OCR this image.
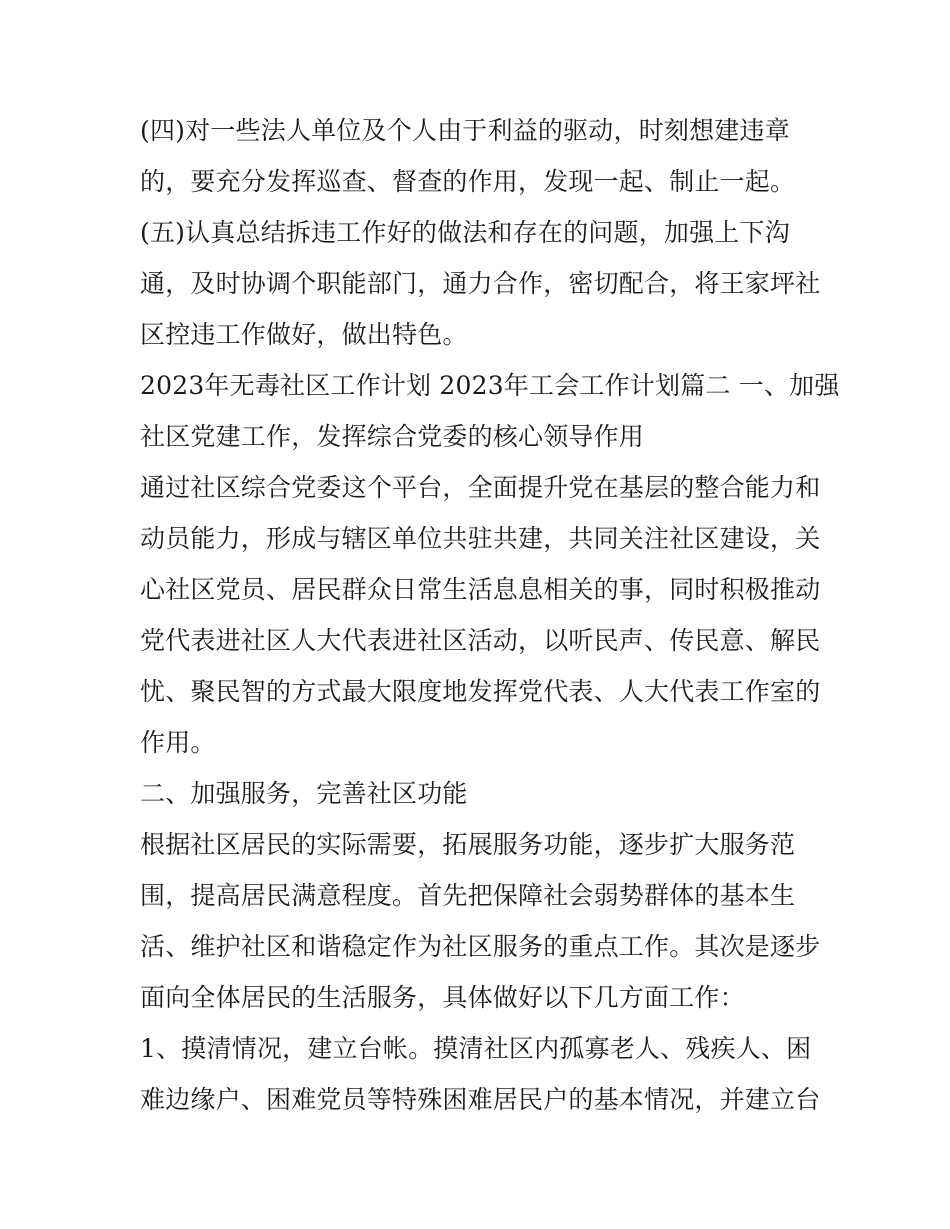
(四)对一些法人单位及个人由于利益的驱动，时刻想建违章
的，要充分发挥巡查、督查的作用，发现一起、制止一起。
(五)认真总结拆违工作好的做法和存在的问题，加强上下沟
通，及时协调个职能部门，通力合作，密切配合，将王家坪社
区控违工作做好，做出特色。
2023年无毒社区工作计划 2023年工会工作计划篇二 一、加强
社区党建工作，发挥综合党委的核心领导作用
通过社区综合党委这个平台，全面提升党在基层的整合能力和
动员能力，形成与辖区单位共驻共建，共同关注社区建设，关
心社区党员、居民群众日常生活息息相关的事，同时积极推动
党代表进社区人大代表进社区活动，以听民声、传民意、解民
忧、聚民智的方式最大限度地发挥党代表、人大代表工作室的
作用。
二、加强服务，完善社区功能
根据社区居民的实际需要，拓展服务功能，逐步扩大服务范
围，提高居民满意程度。首先把保障社会弱势群体的基本生
活、维护社区和谐稳定作为社区服务的重点工作。其次是逐步
面向全体居民的生活服务，具体做好以下几方面工作：
1、摸清情况，建立台帐。摸清社区内孤寡老人、残疾人、困
难边缘户、困难党员等特殊困难居民户的基本情况，并建立台
